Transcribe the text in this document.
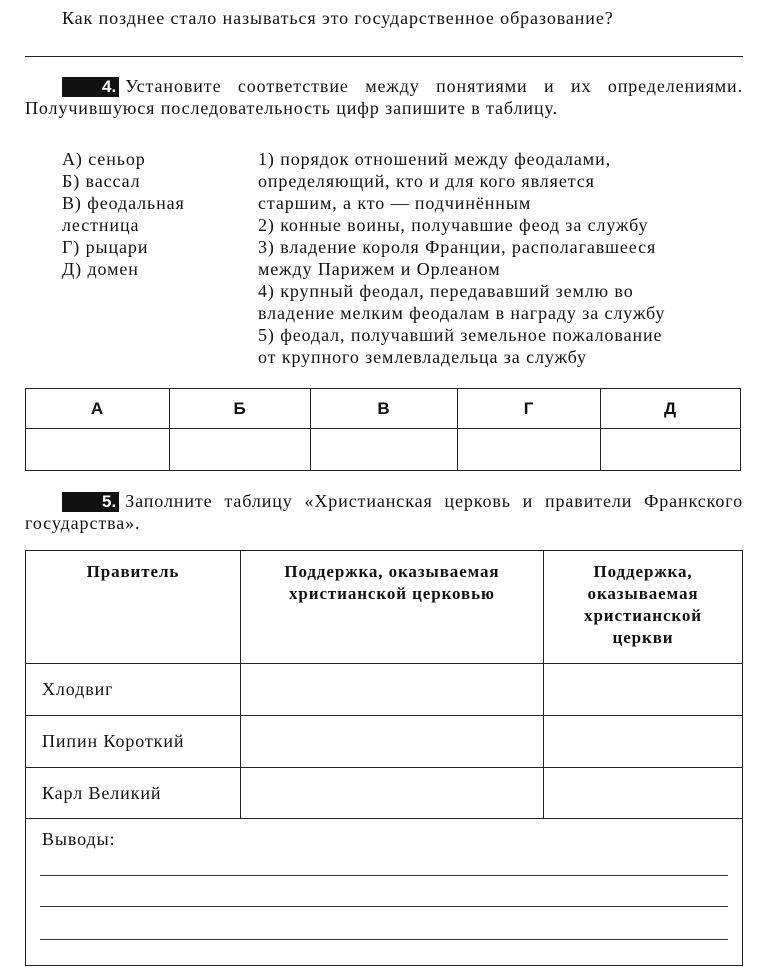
Как позднее стало называться это государственное образование?
4. Установите соответствие между понятиями и их определениями. Получившуюся последовательность цифр запишите в таблицу.
А) сеньор
Б) вассал
В) феодальная
лестница
Г) рыцари
Д) домен
1) порядок отношений между феодалами,
определяющий, кто и для кого является
старшим, а кто — подчинённым
2) конные воины, получавшие феод за службу
3) владение короля Франции, располагавшееся
между Парижем и Орлеаном
4) крупный феодал, передававший землю во
владение мелким феодалам в награду за службу
5) феодал, получавший земельное пожалование
от крупного землевладельца за службу
А	Б	В	Г	Д

5. Заполните таблицу «Христианская церковь и правители Франкского государства».
Правитель	Поддержка, оказываемая христианской церковью	Поддержка, оказываемая христианской церкви
Хлодвиг		
Пипин Короткий		
Карл Великий		
Выводы:		
